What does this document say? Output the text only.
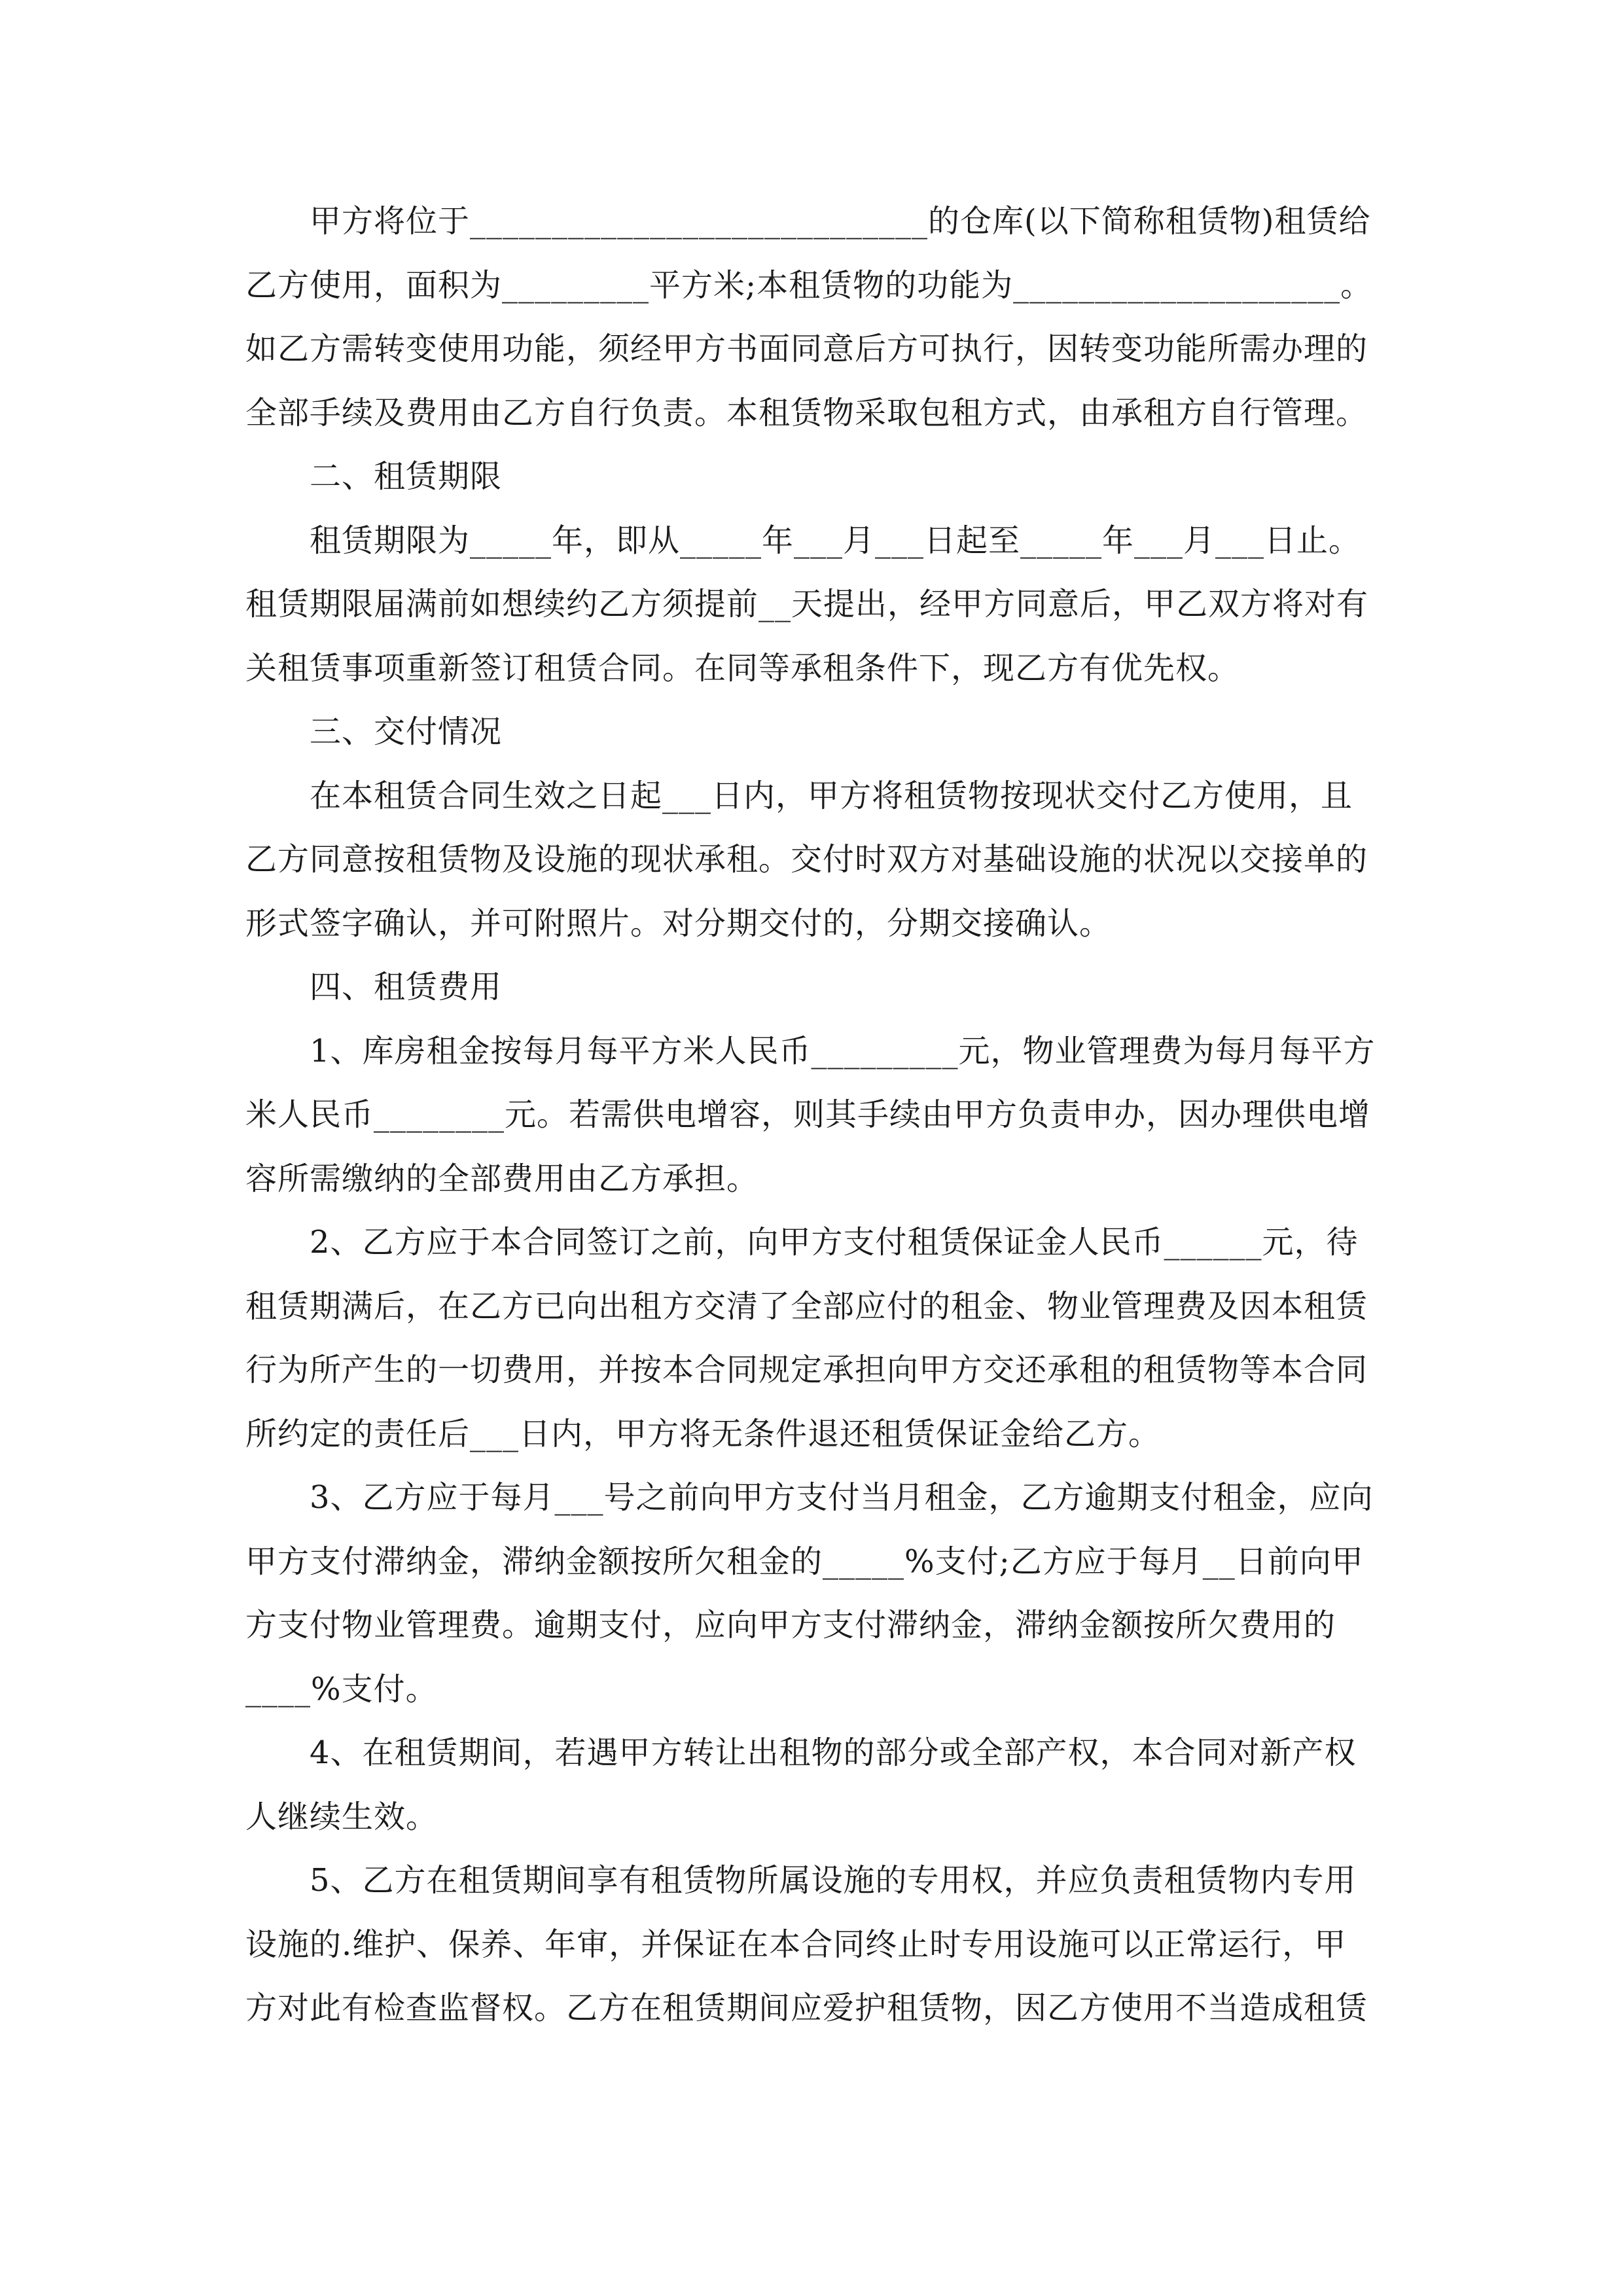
甲方将位于____________________________的仓库(以下简称租赁物)租赁给乙方使用，面积为_________平方米;本租赁物的功能为____________________。如乙方需转变使用功能，须经甲方书面同意后方可执行，因转变功能所需办理的全部手续及费用由乙方自行负责。本租赁物采取包租方式，由承租方自行管理。

二、租赁期限

租赁期限为_____年，即从_____年___月___日起至_____年___月___日止。租赁期限届满前如想续约乙方须提前__天提出，经甲方同意后，甲乙双方将对有关租赁事项重新签订租赁合同。在同等承租条件下，现乙方有优先权。

三、交付情况

在本租赁合同生效之日起___日内，甲方将租赁物按现状交付乙方使用，且乙方同意按租赁物及设施的现状承租。交付时双方对基础设施的状况以交接单的形式签字确认，并可附照片。对分期交付的，分期交接确认。

四、租赁费用

1、库房租金按每月每平方米人民币_________元，物业管理费为每月每平方米人民币________元。若需供电增容，则其手续由甲方负责申办，因办理供电增容所需缴纳的全部费用由乙方承担。

2、乙方应于本合同签订之前，向甲方支付租赁保证金人民币______元，待租赁期满后，在乙方已向出租方交清了全部应付的租金、物业管理费及因本租赁行为所产生的一切费用，并按本合同规定承担向甲方交还承租的租赁物等本合同所约定的责任后___日内，甲方将无条件退还租赁保证金给乙方。

3、乙方应于每月___号之前向甲方支付当月租金，乙方逾期支付租金，应向甲方支付滞纳金，滞纳金额按所欠租金的_____%支付;乙方应于每月__日前向甲方支付物业管理费。逾期支付，应向甲方支付滞纳金，滞纳金额按所欠费用的____%支付。

4、在租赁期间，若遇甲方转让出租物的部分或全部产权，本合同对新产权人继续生效。

5、乙方在租赁期间享有租赁物所属设施的专用权，并应负责租赁物内专用设施的.维护、保养、年审，并保证在本合同终止时专用设施可以正常运行，甲方对此有检查监督权。乙方在租赁期间应爱护租赁物，因乙方使用不当造成租赁
